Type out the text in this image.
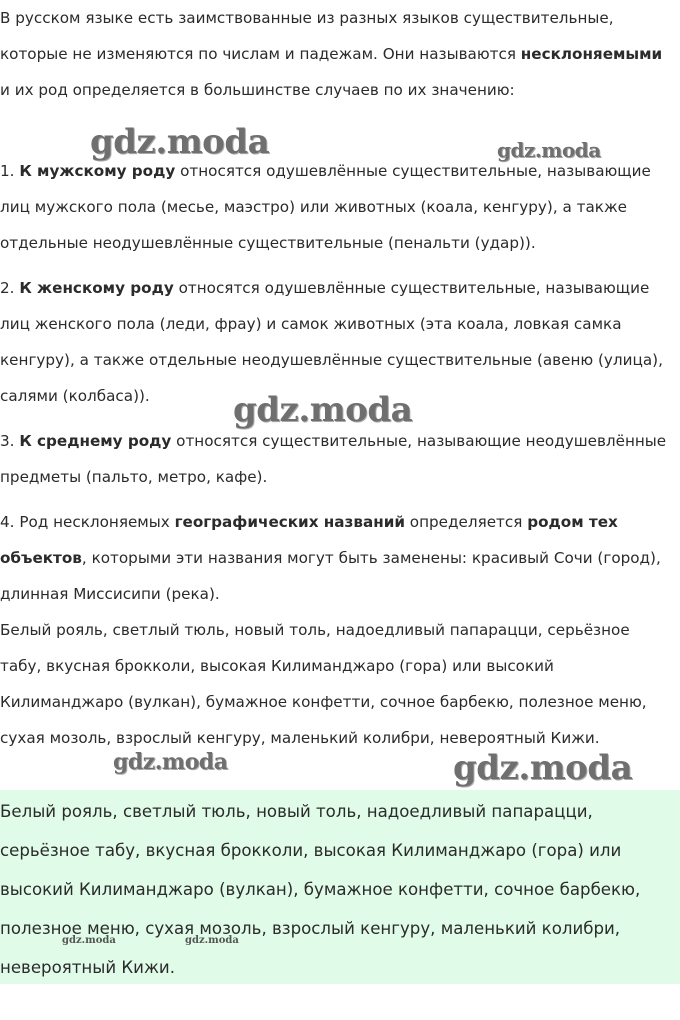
В русском языке есть заимствованные из разных языков существительные, которые не изменяются по числам и падежам. Они называются несклоняемыми и их род определяется в большинстве случаев по их значению:

1. К мужскому роду относятся одушевлённые существительные, называющие лиц мужского пола (месье, маэстро) или животных (коала, кенгуру), а также отдельные неодушевлённые существительные (пенальти (удар)).

2. К женскому роду относятся одушевлённые существительные, называющие лиц женского пола (леди, фрау) и самок животных (эта коала, ловкая самка кенгуру), а также отдельные неодушевлённые существительные (авеню (улица), салями (колбаса)).

3. К среднему роду относятся существительные, называющие неодушевлённые предметы (пальто, метро, кафе).

4. Род несклоняемых географических названий определяется родом тех объектов, которыми эти названия могут быть заменены: красивый Сочи (город), длинная Миссисипи (река).

Белый рояль, светлый тюль, новый толь, надоедливый папарацци, серьёзное табу, вкусная брокколи, высокая Килиманджаро (гора) или высокий Килиманджаро (вулкан), бумажное конфетти, сочное барбекю, полезное меню, сухая мозоль, взрослый кенгуру, маленький колибри, невероятный Кижи.

Белый рояль, светлый тюль, новый толь, надоедливый папарацци, серьёзное табу, вкусная брокколи, высокая Килиманджаро (гора) или высокий Килиманджаро (вулкан), бумажное конфетти, сочное барбекю, полезное меню, сухая мозоль, взрослый кенгуру, маленький колибри, невероятный Кижи.

gdz.moda	gdz.moda
gdz.moda
gdz.moda	gdz.moda
gdz.moda	gdz.moda
